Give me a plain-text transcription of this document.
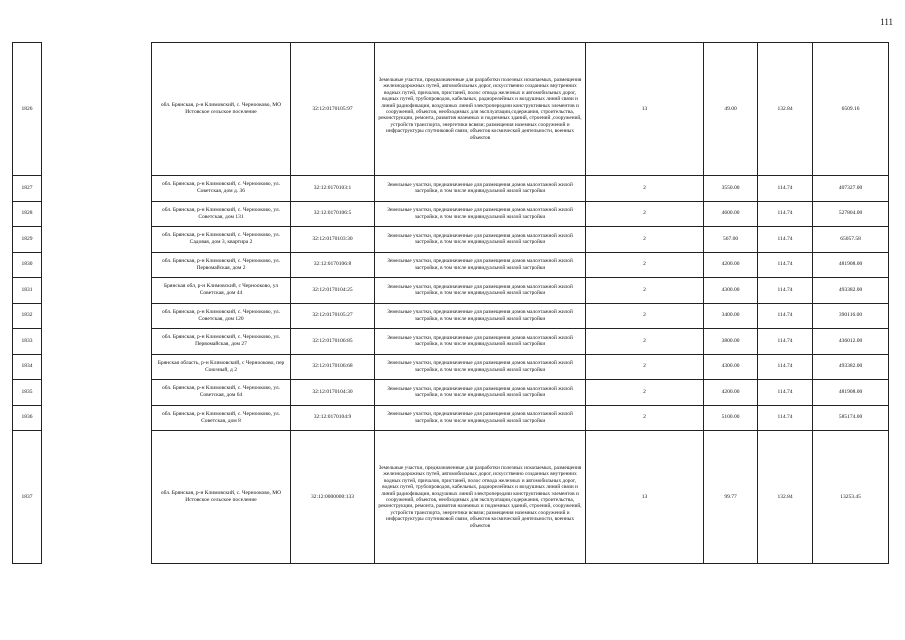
111
1826		обл. Брянская, р-н Климовский, с. Чернооково, МО Истовское сельское поселение	32:12:0170105:97	Земельные участки, предназначенные для разработки полезных ископаемых, размещения железнодорожных путей, автомобильных дорог, искусственно созданных внутренних водных путей, причалов, пристаней, полос отвода железных и автомобильных дорог, водных путей, трубопроводов, кабельных, радиорелейных и воздушных линий связи и линий радиофикации, воздушных линий электропередачи конструктивных элементов и сооружений, объектов, необходимых для эксплуатации,содержания, строительства, реконструкции, ремонта, развития наземных и подземных зданий, строений ,сооружений, устройств транспорта, энергетики всвязи; размещения наземных сооружений и инфраструктуры спутниковой связи, объектов космической деятельности, военных объектов	13	49.00	132.84	6509.16
1827		обл. Брянская, р-н Климовский, с. Чернооково, ул. Советская, дом д. 36	32:12:0170103:1	Земельные участки, предназначенные для размещения домов малоэтажной жилой застройки, в том числе индивидуальной жилой застройки	2	3550.00	114.74	407327.00
1828		обл. Брянская, р-н Климовский, с. Чернооково, ул. Советская, дом 131	32:12:0170106:5	Земельные участки, предназначенные для размещения домов малоэтажной жилой застройки, в том числе индивидуальной жилой застройки	2	4600.00	114.74	527804.00
1829		обл. Брянская, р-н Климовский, с. Чернооково, ул. Садовая, дом 3, квартира 2	32:12:0170103:30	Земельные участки, предназначенные для размещения домов малоэтажной жилой застройки, в том числе индивидуальной жилой застройки	2	567.00	114.74	65057.58
1830		обл. Брянская, р-н Климовский, с. Чернооково, ул. Первомайская, дом 2	32:12:0170106:8	Земельные участки, предназначенные для размещения домов малоэтажной жилой застройки, в том числе индивидуальной жилой застройки	2	4200.00	114.74	481908.00
1831		Брянская обл, р-н Климовский, с Чернооково, ул Советская, дом 44	32:12:0170104:25	Земельные участки, предназначенные для размещения домов малоэтажной жилой застройки, в том числе индивидуальной жилой застройки	2	4300.00	114.74	493382.00
1832		обл. Брянская, р-н Климовский, с. Чернооково, ул. Советская, дом 120	32:12:0170105:27	Земельные участки, предназначенные для размещения домов малоэтажной жилой застройки, в том числе индивидуальной жилой застройки	2	3400.00	114.74	390116.00
1833		обл. Брянская, р-н Климовский, с. Чернооково, ул. Первомайская, дом 27	32:12:0170106:85	Земельные участки, предназначенные для размещения домов малоэтажной жилой застройки, в том числе индивидуальной жилой застройки	2	3800.00	114.74	436012.00
1834		Брянская область, р-н Климовский, с Чернооково, пер Союзный, д 2	32:12:0170106:68	Земельные участки, предназначенные для размещения домов малоэтажной жилой застройки, в том числе индивидуальной жилой застройки	2	4300.00	114.74	493382.00
1835		обл. Брянская, р-н Климовский, с. Чернооково, ул. Советская, дом 64	32:12:0170104:30	Земельные участки, предназначенные для размещения домов малоэтажной жилой застройки, в том числе индивидуальной жилой застройки	2	4200.00	114.74	481908.00
1836		обл. Брянская, р-н Климовский, с. Чернооково, ул. Советская, дом 8	32:12:0170104:9	Земельные участки, предназначенные для размещения домов малоэтажной жилой застройки, в том числе индивидуальной жилой застройки	2	5100.00	114.74	585174.00
1837		обл. Брянская, р-н Климовский, с. Чернооково, МО Истовское сельское поселение	32:12:0000000:133	Земельные участки, предназначенные для разработки полезных ископаемых, размещения железнодорожных путей, автомобильных дорог, искусственно созданных внутренних водных путей, причалов, пристаней, полос отвода железных и автомобильных дорог, водных путей, трубопроводов, кабельных, радиорелейных и воздушных линий связи и линий радиофикации, воздушных линий электропередачи конструктивных элементов и сооружений, объектов, необходимых для эксплуатации,содержания, строительства, реконструкции, ремонта, развития наземных и подземных зданий, строений, сооружений, устройств транспорта, энергетики всвязи; размещения наземных сооружений и инфраструктуры спутниковой связи, объектов космической деятельности, военных объектов	13	99.77	132.84	13253.45
